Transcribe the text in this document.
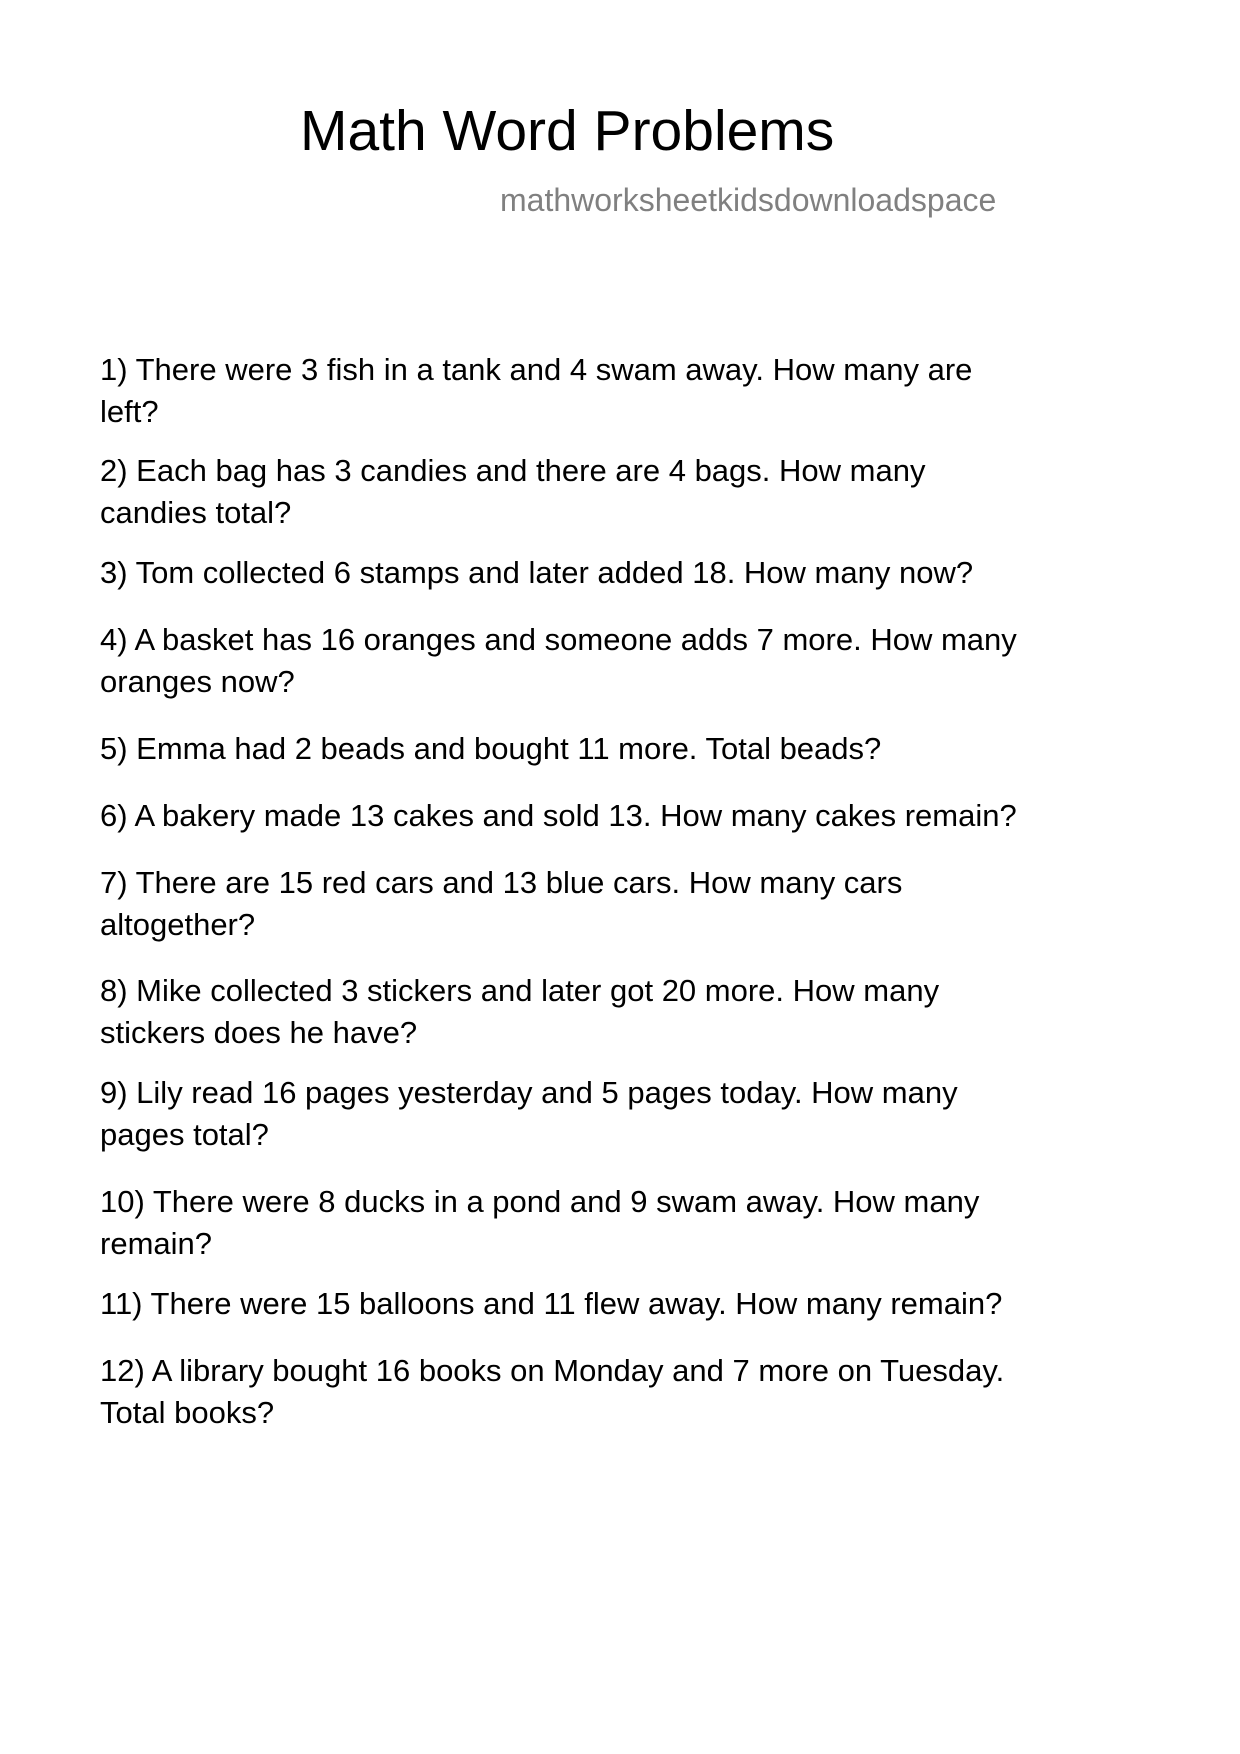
Math Word Problems
mathworksheetkidsdownloadspace
1) There were 3 fish in a tank and 4 swam away. How many are
left?
2) Each bag has 3 candies and there are 4 bags. How many
candies total?
3) Tom collected 6 stamps and later added 18. How many now?
4) A basket has 16 oranges and someone adds 7 more. How many
oranges now?
5) Emma had 2 beads and bought 11 more. Total beads?
6) A bakery made 13 cakes and sold 13. How many cakes remain?
7) There are 15 red cars and 13 blue cars. How many cars
altogether?
8) Mike collected 3 stickers and later got 20 more. How many
stickers does he have?
9) Lily read 16 pages yesterday and 5 pages today. How many
pages total?
10) There were 8 ducks in a pond and 9 swam away. How many
remain?
11) There were 15 balloons and 11 flew away. How many remain?
12) A library bought 16 books on Monday and 7 more on Tuesday.
Total books?
